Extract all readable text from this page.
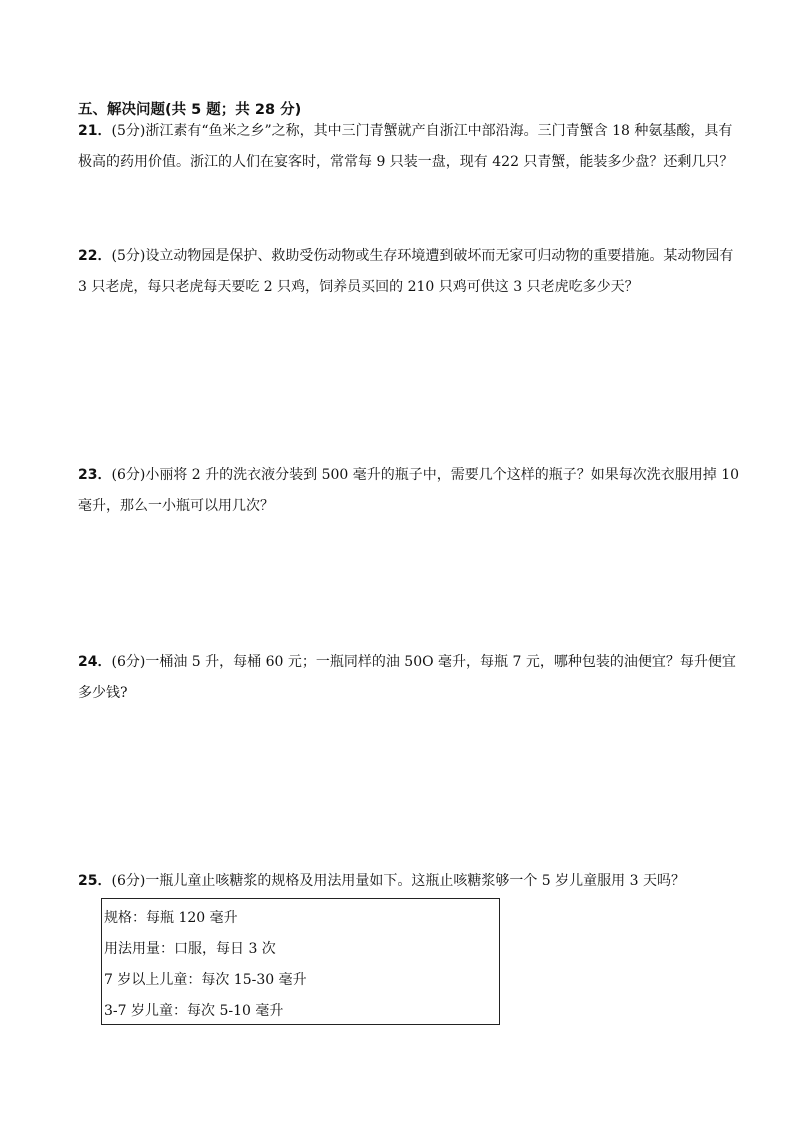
五、解决问题(共 5 题；共 28 分)
21．(5分)浙江素有“鱼米之乡”之称，其中三门青蟹就产自浙江中部沿海。三门青蟹含 18 种氨基酸，具有极高的药用价值。浙江的人们在宴客时，常常每 9 只装一盘，现有 422 只青蟹，能装多少盘？还剩几只？
22．(5分)设立动物园是保护、救助受伤动物或生存环境遭到破坏而无家可归动物的重要措施。某动物园有 3 只老虎，每只老虎每天要吃 2 只鸡，饲养员买回的 210 只鸡可供这 3 只老虎吃多少天？
23．(6分)小丽将 2 升的洗衣液分装到 500 毫升的瓶子中，需要几个这样的瓶子？如果每次洗衣服用掉 10 毫升，那么一小瓶可以用几次？
24．(6分)一桶油 5 升，每桶 60 元；一瓶同样的油 50O 毫升，每瓶 7 元，哪种包装的油便宜？每升便宜多少钱?
25．(6分)一瓶儿童止咳糖浆的规格及用法用量如下。这瓶止咳糖浆够一个 5 岁儿童服用 3 天吗？
规格：每瓶 120 毫升
用法用量：口服，每日 3 次
7 岁以上儿童：每次 15-30 毫升
3-7 岁儿童：每次 5-10 毫升
